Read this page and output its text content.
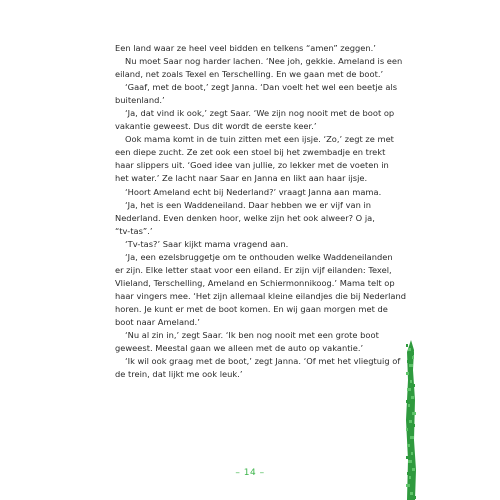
Een land waar ze heel veel bidden en telkens “amen” zeggen.’

Nu moet Saar nog harder lachen. ‘Nee joh, gekkie. Ameland is een
eiland, net zoals Texel en Terschelling. En we gaan met de boot.’

‘Gaaf, met de boot,’ zegt Janna. ‘Dan voelt het wel een beetje als
buitenland.’

‘Ja, dat vind ik ook,’ zegt Saar. ‘We zijn nog nooit met de boot op
vakantie geweest. Dus dit wordt de eerste keer.’

Ook mama komt in de tuin zitten met een ijsje. ‘Zo,’ zegt ze met
een diepe zucht. Ze zet ook een stoel bij het zwembadje en trekt
haar slippers uit. ‘Goed idee van jullie, zo lekker met de voeten in
het water.’ Ze lacht naar Saar en Janna en likt aan haar ijsje.

‘Hoort Ameland echt bij Nederland?’ vraagt Janna aan mama.

‘Ja, het is een Waddeneiland. Daar hebben we er vijf van in
Nederland. Even denken hoor, welke zijn het ook alweer? O ja,
“tv-tas”.’

‘Tv-tas?’ Saar kijkt mama vragend aan.

‘Ja, een ezelsbruggetje om te onthouden welke Waddeneilanden
er zijn. Elke letter staat voor een eiland. Er zijn vijf eilanden: Texel,
Vlieland, Terschelling, Ameland en Schiermonnikoog.’ Mama telt op
haar vingers mee. ‘Het zijn allemaal kleine eilandjes die bij Nederland
horen. Je kunt er met de boot komen. En wij gaan morgen met de
boot naar Ameland.’

‘Nu al zin in,’ zegt Saar. ‘Ik ben nog nooit met een grote boot
geweest. Meestal gaan we alleen met de auto op vakantie.’

‘Ik wil ook graag met de boot,’ zegt Janna. ‘Of met het vliegtuig of
de trein, dat lijkt me ook leuk.’

– 14 –
